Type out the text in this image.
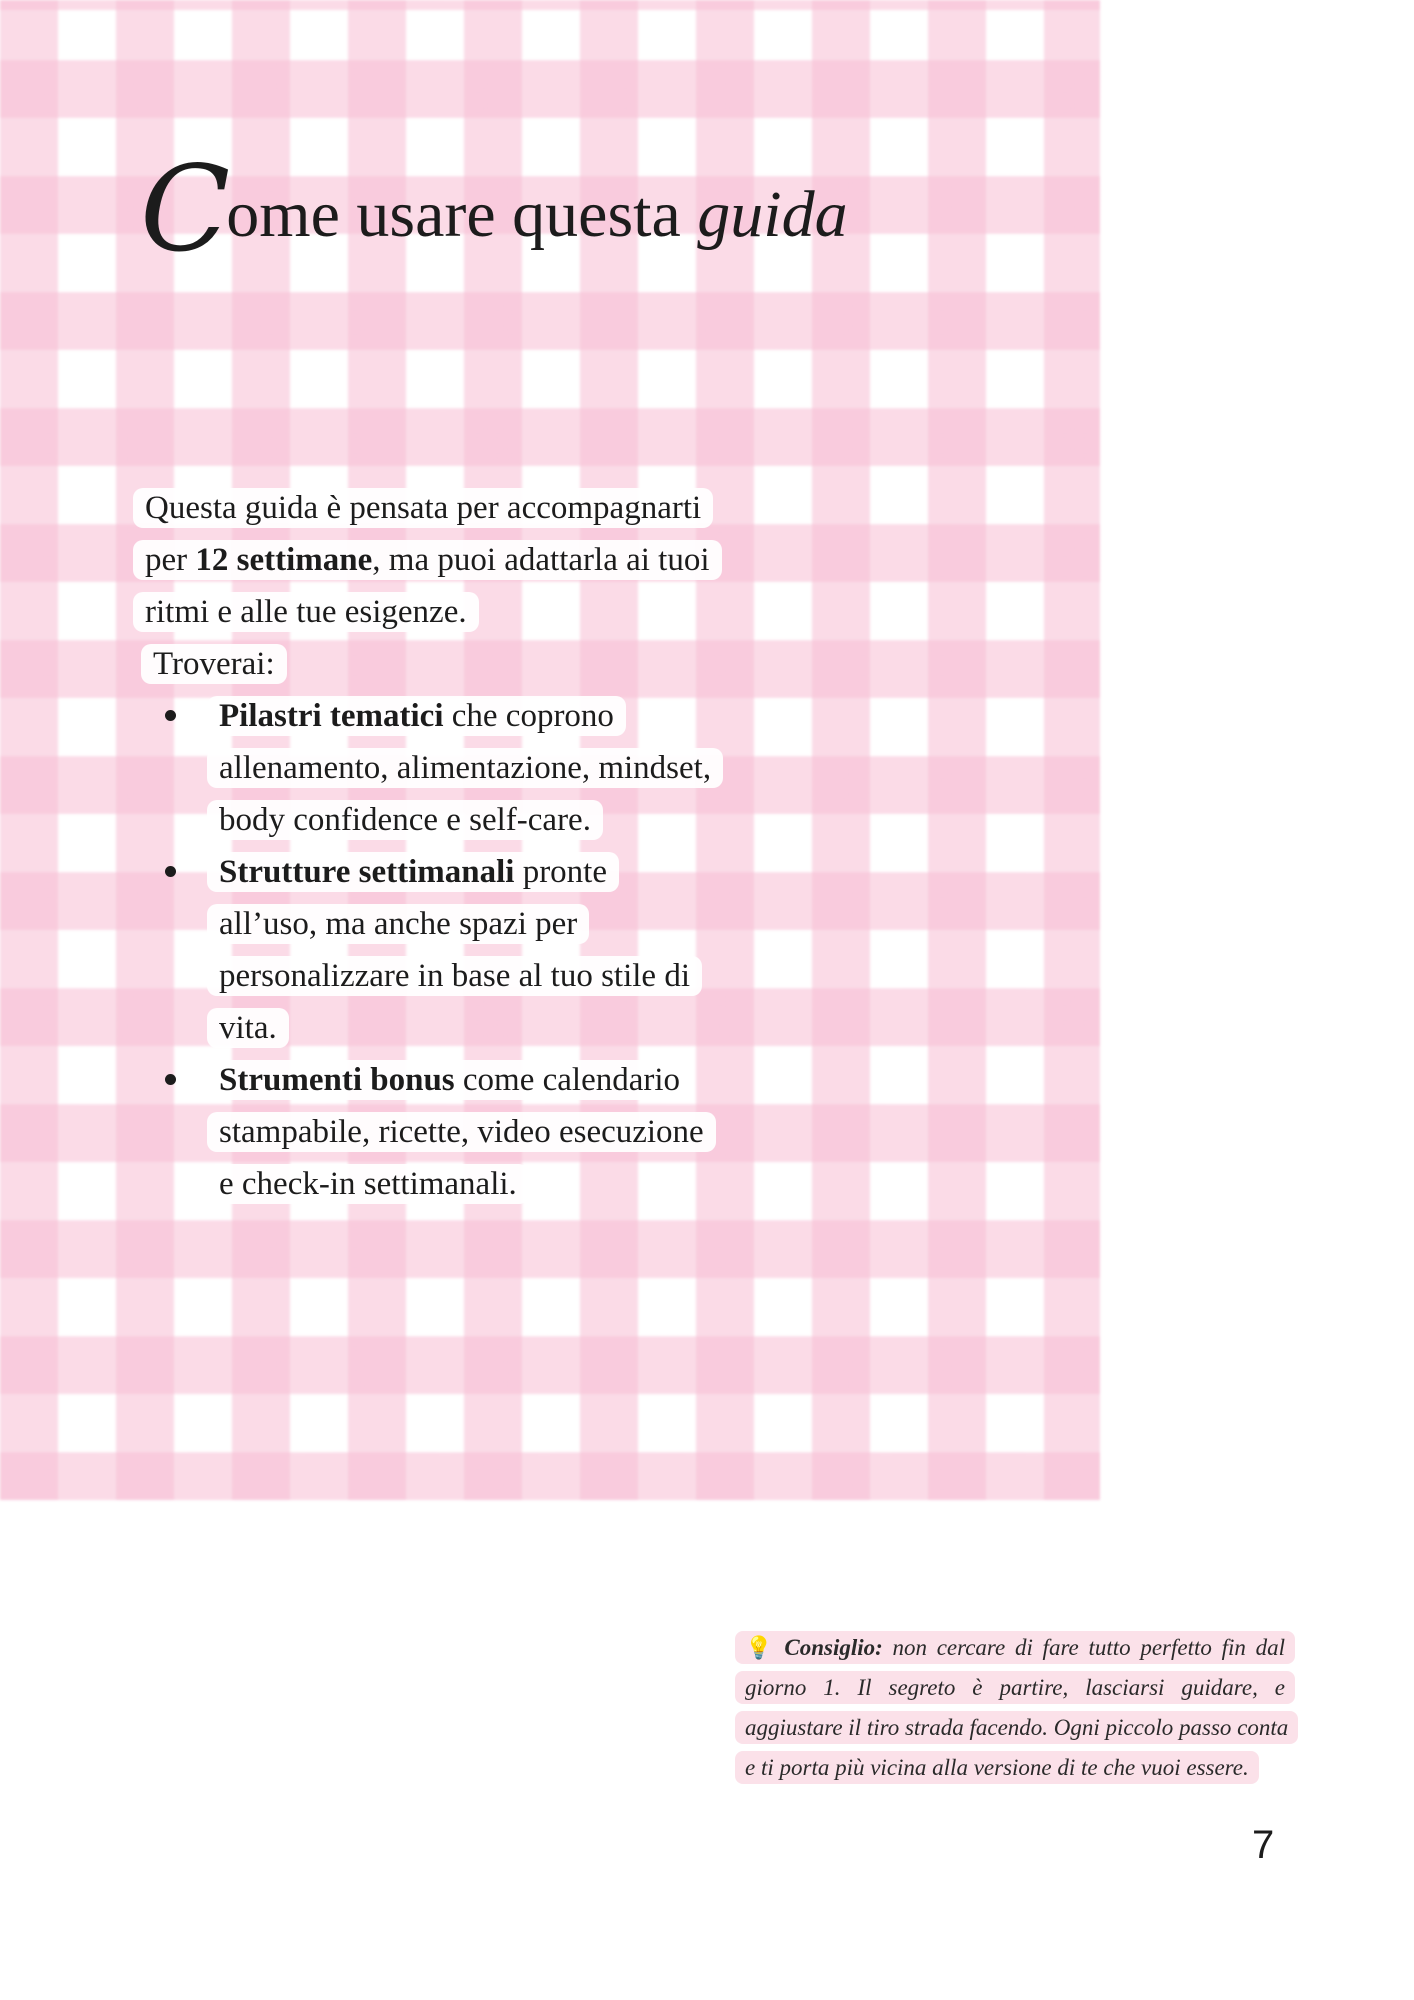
Come usare questa guida

Questa guida è pensata per accompagnarti per 12 settimane, ma puoi adattarla ai tuoi ritmi e alle tue esigenze.

Troverai:

Pilastri tematici che coprono allenamento, alimentazione, mindset, body confidence e self-care.
Strutture settimanali pronte all’uso, ma anche spazi per personalizzare in base al tuo stile di vita.
Strumenti bonus come calendario stampabile, ricette, video esecuzione e check-in settimanali.
💡 Consiglio: non cercare di fare tutto perfetto fin dal giorno 1. Il segreto è partire, lasciarsi guidare, e aggiustare il tiro strada facendo. Ogni piccolo passo conta e ti porta più vicina alla versione di te che vuoi essere.
7
